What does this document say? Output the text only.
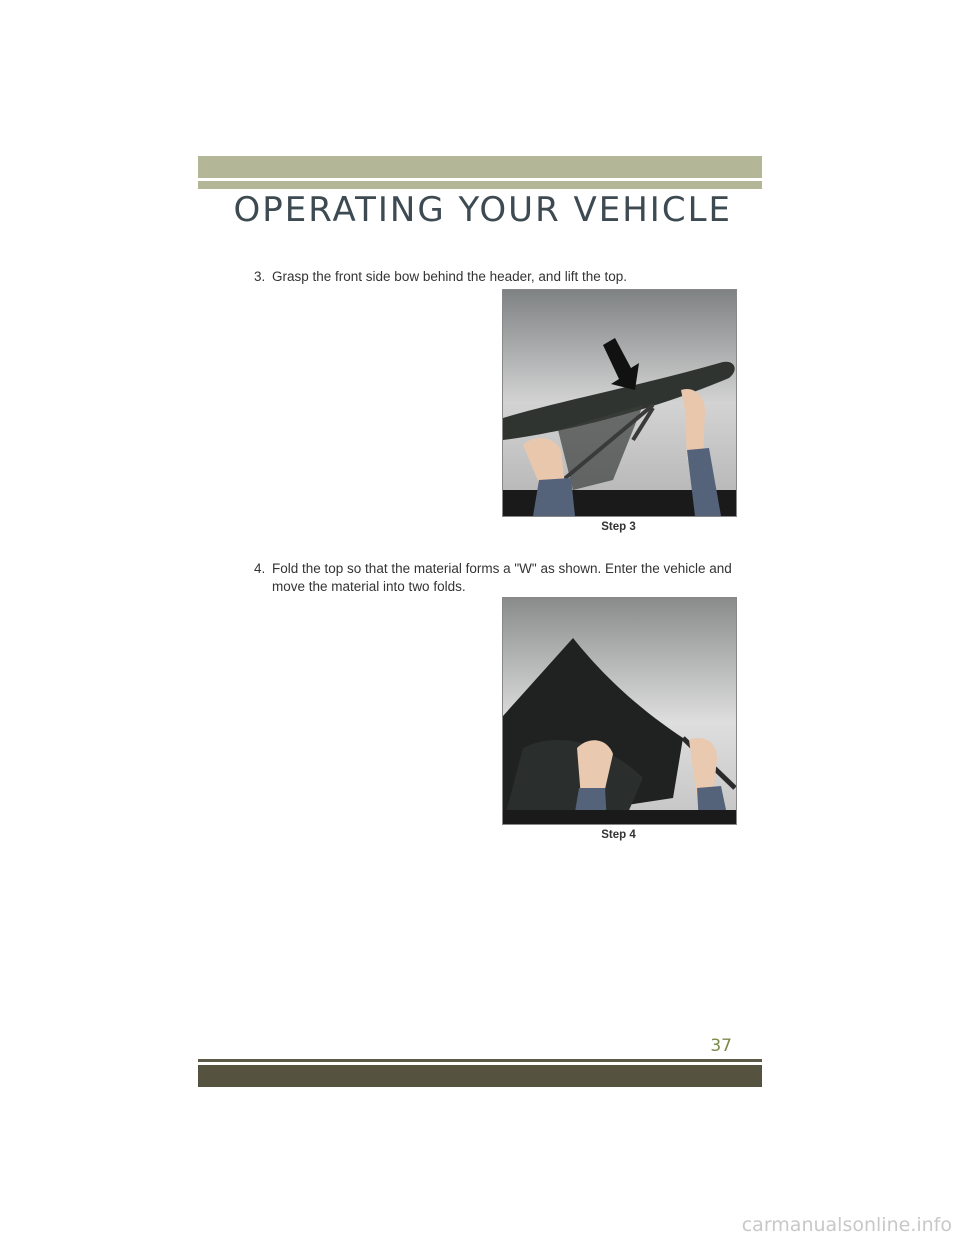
OPERATING YOUR VEHICLE
3. Grasp the front side bow behind the header, and lift the top.
Step 3
4. Fold the top so that the material forms a "W" as shown. Enter the vehicle and move the material into two folds.
Step 4
37
carmanualsonline.info
